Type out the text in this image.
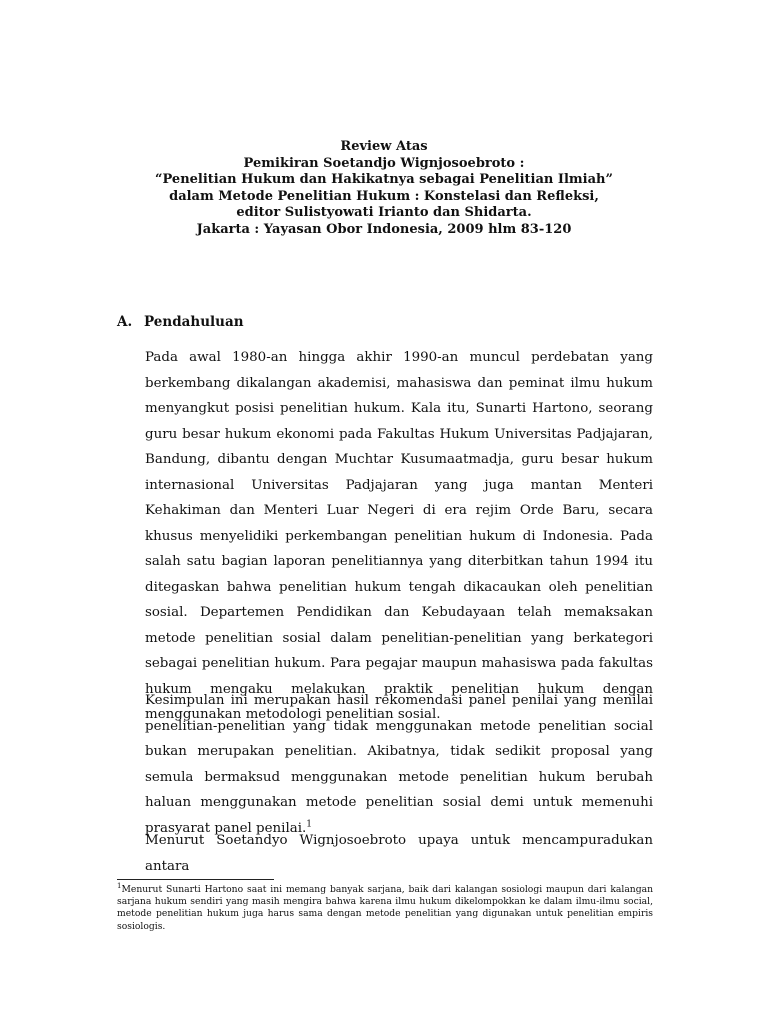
Review Atas
Pemikiran Soetandjo Wignjosoebroto :
“Penelitian Hukum dan Hakikatnya sebagai Penelitian Ilmiah”
dalam Metode Penelitian Hukum : Konstelasi dan Refleksi,
editor Sulistyowati Irianto dan Shidarta.
Jakarta : Yayasan Obor Indonesia, 2009 hlm 83-120
A. Pendahuluan
Pada awal 1980-an hingga akhir 1990-an muncul perdebatan yang berkembang dikalangan akademisi, mahasiswa dan peminat ilmu hukum menyangkut posisi penelitian hukum. Kala itu, Sunarti Hartono, seorang guru besar hukum ekonomi pada Fakultas Hukum Universitas Padjajaran, Bandung, dibantu dengan Muchtar Kusumaatmadja, guru besar hukum internasional Universitas Padjajaran yang juga mantan Menteri Kehakiman dan Menteri Luar Negeri di era rejim Orde Baru, secara khusus menyelidiki perkembangan penelitian hukum di Indonesia. Pada salah satu bagian laporan penelitiannya yang diterbitkan tahun 1994 itu ditegaskan bahwa penelitian hukum tengah dikacaukan oleh penelitian sosial. Departemen Pendidikan dan Kebudayaan telah memaksakan metode penelitian sosial dalam penelitian-penelitian yang berkategori sebagai penelitian hukum. Para pegajar maupun mahasiswa pada fakultas hukum mengaku melakukan praktik penelitian hukum dengan menggunakan metodologi penelitian sosial.
Kesimpulan ini merupakan hasil rekomendasi panel penilai yang menilai penelitian-penelitian yang tidak menggunakan metode penelitian social bukan merupakan penelitian. Akibatnya, tidak sedikit proposal yang semula bermaksud menggunakan metode penelitian hukum berubah haluan menggunakan metode penelitian sosial demi untuk memenuhi prasyarat panel penilai.$^1$
Menurut Soetandyo Wignjosoebroto upaya untuk mencampuradukan antara
$^1$Menurut Sunarti Hartono saat ini memang banyak sarjana, baik dari kalangan sosiologi maupun dari kalangan sarjana hukum sendiri yang masih mengira bahwa karena ilmu hukum dikelompokkan ke dalam ilmu-ilmu social, metode penelitian hukum juga harus sama dengan metode penelitian yang digunakan untuk penelitian empiris sosiologis.
